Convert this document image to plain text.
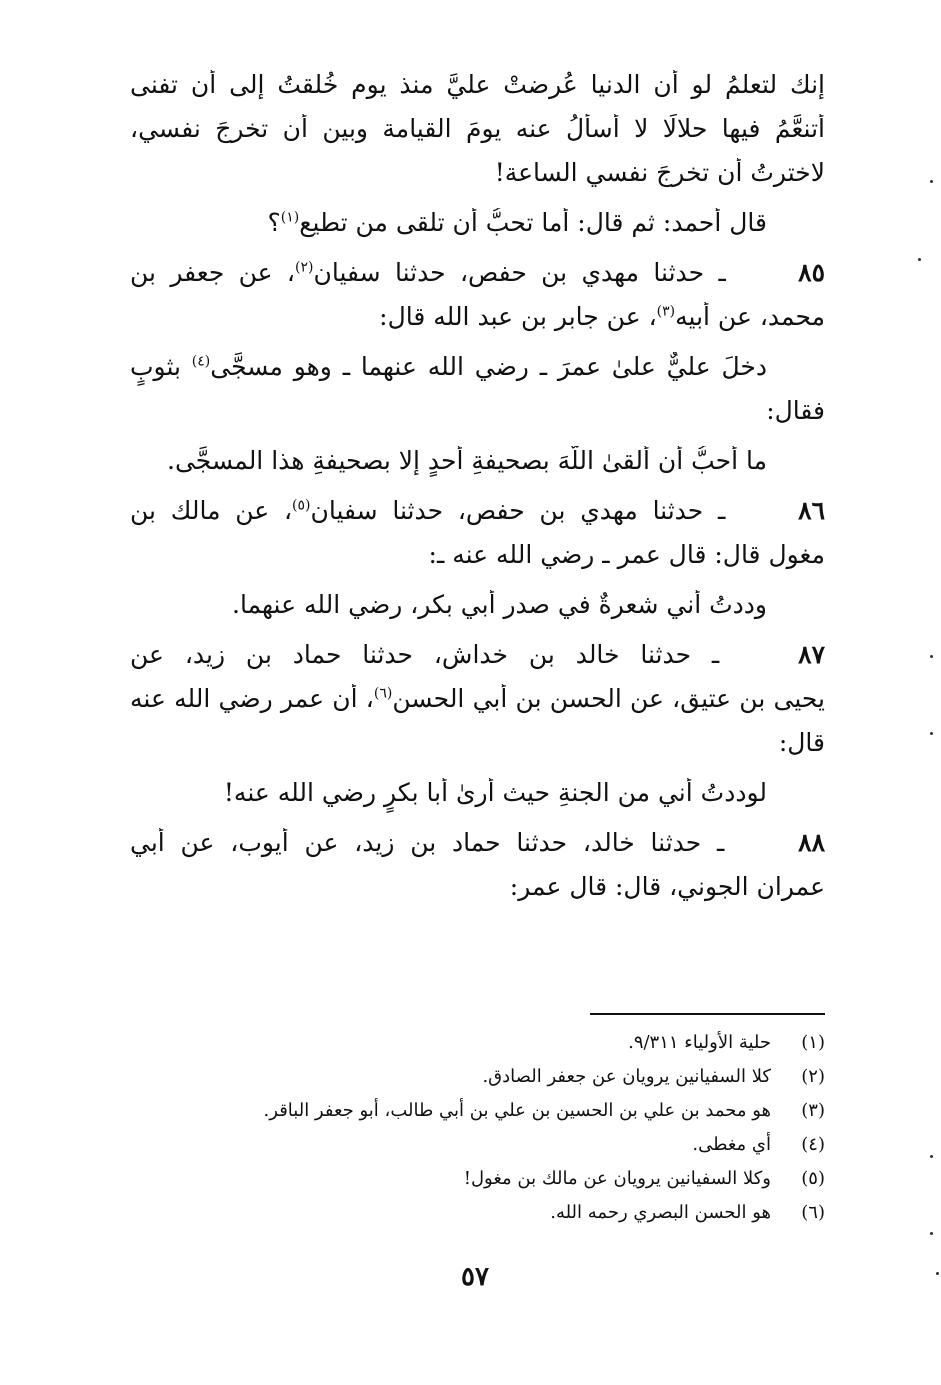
إنك لتعلمُ لو أن الدنيا عُرضتْ عليَّ منذ يوم خُلقتُ إلى أن تفنى
أتنعَّمُ فيها حلالًا لا أُسألُ عنه يومَ القيامة وبين أن تخرجَ نفسي،
لاخترتُ أن تخرجَ نفسي الساعة!
قال أحمد: ثم قال: أما تحبُّ أن تلقى من تطيع$^{(١)}$؟
٨٥ ـ حدثنا مهدي بن حفص، حدثنا سفيان$^{(٢)}$، عن جعفر بن
محمد، عن أبيه$^{(٣)}$، عن جابر بن عبد الله قال:
دخلَ عليٌّ علىٰ عمرَ ـ رضي الله عنهما ـ وهو مسجًّى$^{(٤)}$ بثوبٍ
فقال:
ما أحبُّ أن ألقىٰ اللّهَ بصحيفةِ أحدٍ إلا بصحيفةِ هذا المسجَّى.
٨٦ ـ حدثنا مهدي بن حفص، حدثنا سفيان$^{(٥)}$، عن مالك بن
مغول قال: قال عمر ـ رضي الله عنه ـ:
وددتُ أني شعرةٌ في صدر أبي بكر، رضي الله عنهما.
٨٧ ـ حدثنا خالد بن خداش، حدثنا حماد بن زيد، عن
يحيى بن عتيق، عن الحسن بن أبي الحسن$^{(٦)}$، أن عمر رضي الله عنه
قال:
لوددتُ أني من الجنةِ حيث أرىٰ أبا بكرٍ رضي الله عنه!
٨٨ ـ حدثنا خالد، حدثنا حماد بن زيد، عن أيوب، عن أبي
عمران الجوني، قال: قال عمر:
(١)حلية الأولياء ٩/٣١١.
(٢)كلا السفيانين يرويان عن جعفر الصادق.
(٣)هو محمد بن علي بن الحسين بن علي بن أبي طالب، أبو جعفر الباقر.
(٤)أي مغطى.
(٥)وكلا السفيانين يرويان عن مالك بن مغول!
(٦)هو الحسن البصري رحمه الله.
٥٧
